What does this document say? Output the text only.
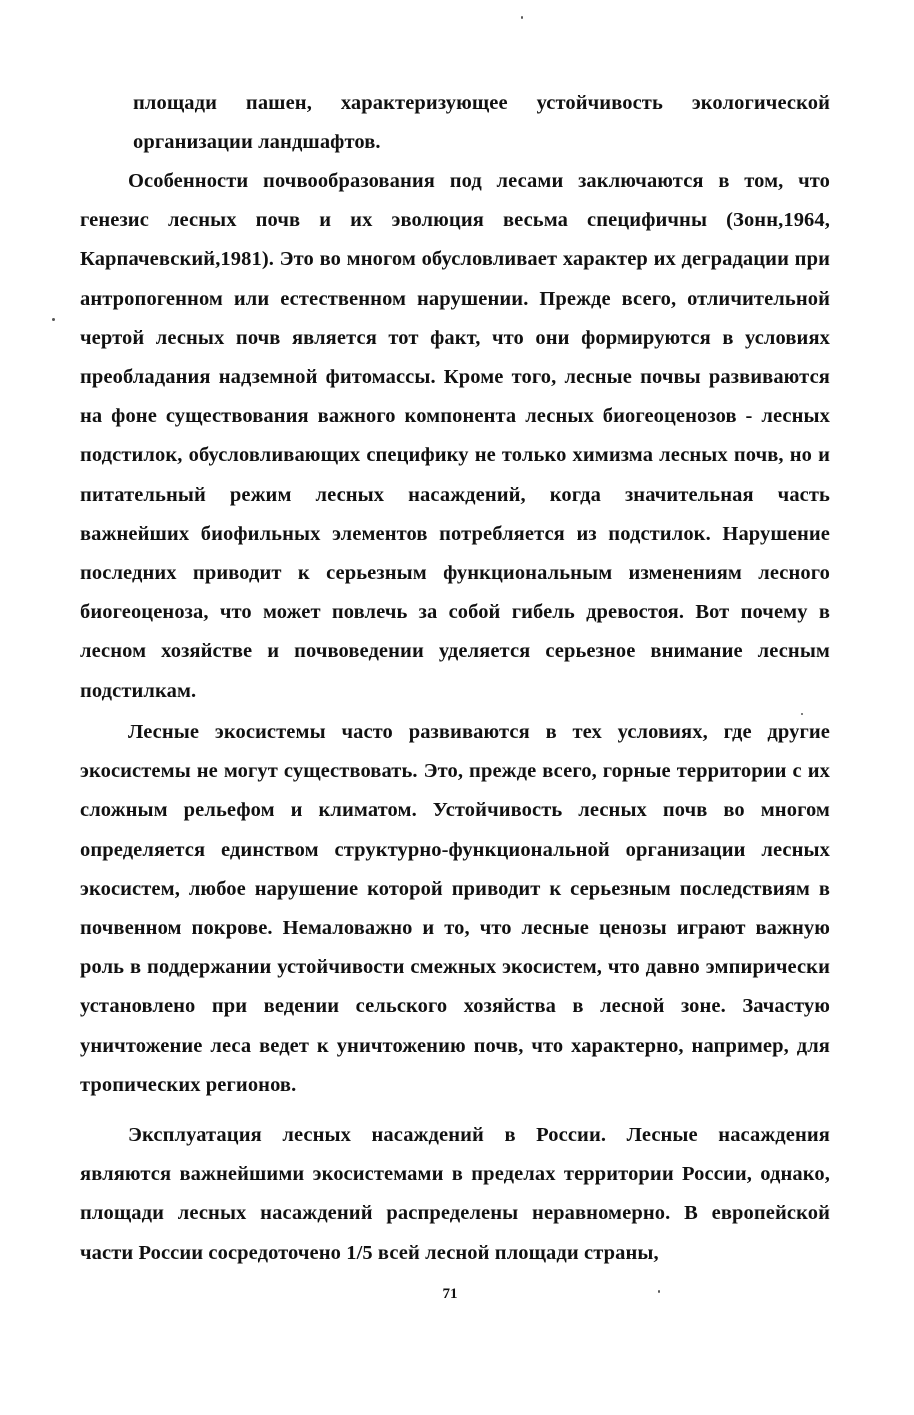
площади пашен, характеризующее устойчивость экологической организации ландшафтов.
Особенности почвообразования под лесами заключаются в том, что генезис лесных почв и их эволюция весьма специфичны (Зонн,1964, Карпачевский,1981). Это во многом обусловливает характер их деградации при антропогенном или естественном нарушении. Прежде всего, отличительной чертой лесных почв является тот факт, что они формируются в условиях преобладания надземной фитомассы. Кроме того, лесные почвы развиваются на фоне существования важного компонента лесных биогеоценозов - лесных подстилок, обусловливающих специфику не только химизма лесных почв, но и питательный режим лесных насаждений, когда значительная часть важнейших биофильных элементов потребляется из подстилок. Нарушение последних приводит к серьезным функциональным изменениям лесного биогеоценоза, что может повлечь за собой гибель древостоя. Вот почему в лесном хозяйстве и почвоведении уделяется серьезное внимание лесным подстилкам.
Лесные экосистемы часто развиваются в тех условиях, где другие экосистемы не могут существовать. Это, прежде всего, горные территории с их сложным рельефом и климатом. Устойчивость лесных почв во многом определяется единством структурно-функциональной организации лесных экосистем, любое нарушение которой приводит к серьезным последствиям в почвенном покрове. Немаловажно и то, что лесные ценозы играют важную роль в поддержании устойчивости смежных экосистем, что давно эмпирически установлено при ведении сельского хозяйства в лесной зоне. Зачастую уничтожение леса ведет к уничтожению почв, что характерно, например, для тропических регионов.
Эксплуатация лесных насаждений в России. Лесные насаждения являются важнейшими экосистемами в пределах территории России, однако, площади лесных насаждений распределены неравномерно. В европейской части России сосредоточено 1/5 всей лесной площади страны,
71
